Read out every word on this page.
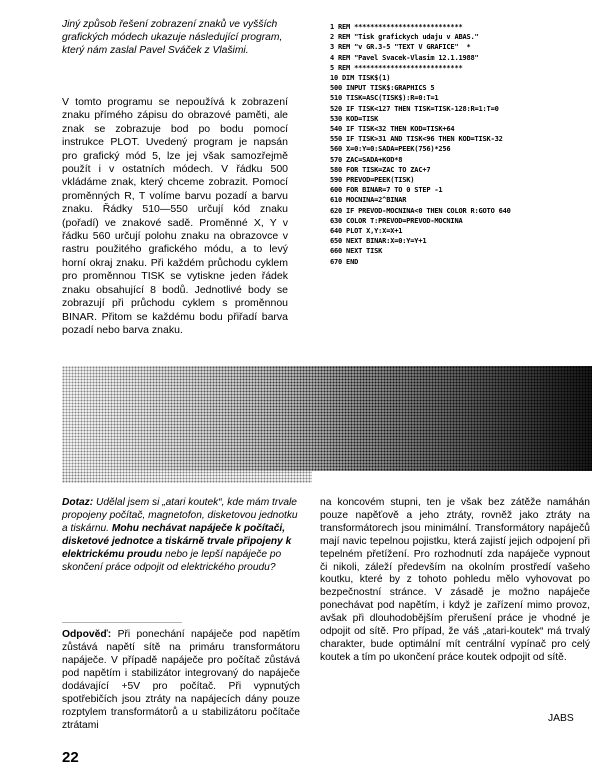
Jiný způsob řešení zobrazení znaků ve vyšších grafických módech ukazuje následující program, který nám zaslal Pavel Sváček z Vlašimi.

V tomto programu se nepoužívá k zobrazení znaku přímého zápisu do obrazové paměti, ale znak se zobrazuje bod po bodu pomocí instrukce PLOT. Uvedený program je napsán pro grafický mód 5, lze jej však samozřejmě použít i v ostatních módech. V řádku 500 vkládáme znak, který chceme zobrazit. Pomocí proměnných R, T volíme barvu pozadí a barvu znaku. Řádky 510—550 určují kód znaku (pořadí) ve znakové sadě. Proměnné X, Y v řádku 560 určují polohu znaku na obrazovce v rastru použitého grafického módu, a to levý horní okraj znaku. Při každém průchodu cyklem pro proměnnou TISK se vytiskne jeden řádek znaku obsahující 8 bodů. Jednotlivé body se zobrazují při průchodu cyklem s proměnnou BINAR. Přitom se každému bodu přiřadí barva pozadí nebo barva znaku.

1 REM ***************************
2 REM "Tisk grafickych udaju v ABAS."
3 REM "v GR.3-5 "TEXT V GRAFICE"  *
4 REM "Pavel Svacek-Vlasim 12.1.1988"
5 REM ***************************
10 DIM TISK$(1)
500 INPUT TISK$:GRAPHICS 5
510 TISK=ASC(TISK$):R=0:T=1
520 IF TISK<127 THEN TISK=TISK-128:R=1:T=0
530 KOD=TISK
540 IF TISK<32 THEN KOD=TISK+64
550 IF TISK>31 AND TISK<96 THEN KOD=TISK-32
560 X=0:Y=0:SADA=PEEK(756)*256
570 ZAC=SADA+KOD*8
580 FOR TISK=ZAC TO ZAC+7
590 PREVOD=PEEK(TISK)
600 FOR BINAR=7 TO 0 STEP -1
610 MOCNINA=2^BINAR
620 IF PREVOD-MOCNINA<0 THEN COLOR R:GOTO 640
630 COLOR T:PREVOD=PREVOD-MOCNINA
640 PLOT X,Y:X=X+1
650 NEXT BINAR:X=0:Y=Y+1
660 NEXT TISK
670 END

Dotaz: Udělal jsem si „atari koutek“, kde mám trvale propojeny počítač, magnetofon, disketovou jednotku a tiskárnu. Mohu nechávat napáječe k počítači, disketové jednotce a tiskárně trvale připojeny k elektrickému proudu nebo je lepší napáječe po skončení práce odpojit od elektrického proudu?

Odpověď: Při ponechání napáječe pod napětím zůstává napětí sítě na primáru transformátoru napáječe. V případě napáječe pro počítač zůstává pod napětím i stabilizátor integrovaný do napáječe dodávající +5V pro počítač. Při vypnutých spotřebičích jsou ztráty na napájecích dány pouze rozptylem transformátorů a u stabilizátoru počítače ztrátami

na koncovém stupni, ten je však bez zátěže namáhán pouze napěťově a jeho ztráty, rovněž jako ztráty na transformátorech jsou minimální. Transformátory napáječů mají navic tepelnou pojistku, která zajistí jejich odpojení při tepelném přetížení. Pro rozhodnutí zda napáječe vypnout či nikoli, záleží především na okolním prostředí vašeho koutku, které by z tohoto pohledu mělo vyhovovat po bezpečnostní stránce. V zásadě je možno napáječe ponechávat pod napětím, i když je zařízení mimo provoz, avšak při dlouhodobějším přerušení práce je vhodné je odpojit od sítě. Pro případ, že váš „atari-koutek“ má trvalý charakter, bude optimální mít centrální vypínač pro celý koutek a tím po ukončení práce koutek odpojit od sítě.

JABS
22
